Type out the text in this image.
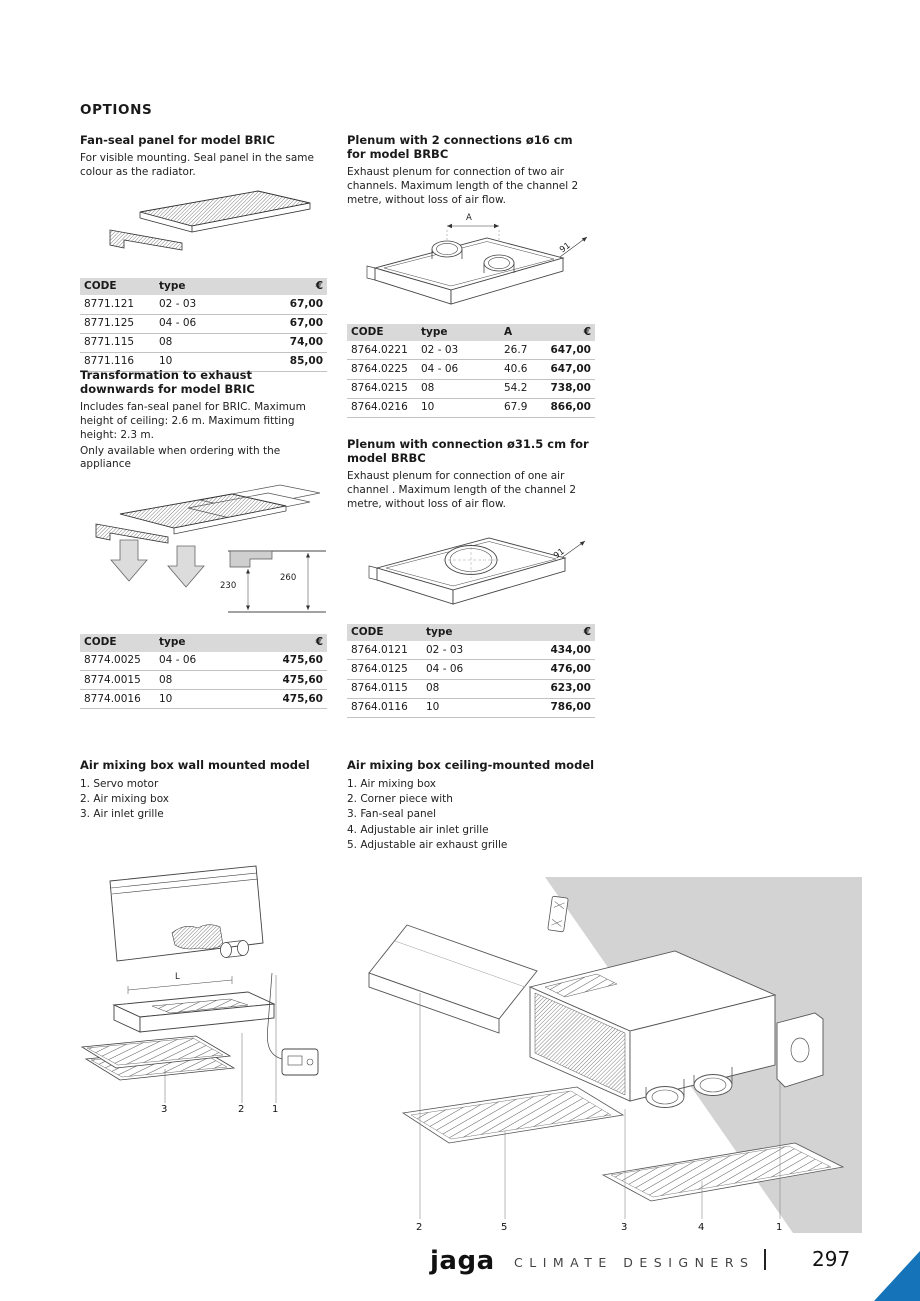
OPTIONS
Fan-seal panel for model BRIC

For visible mounting. Seal panel in the same colour as the radiator.

CODE	type	€
8771.121	02 - 03	67,00
8771.125	04 - 06	67,00
8771.115	08	74,00
8771.116	10	85,00
Transformation to exhaust downwards for model BRIC

Includes fan-seal panel for BRIC. Maximum height of ceiling: 2.6 m. Maximum fitting height: 2.3 m.

Only available when ordering with the appliance

230
260
CODE	type	€
8774.0025	04 - 06	475,60
8774.0015	08	475,60
8774.0016	10	475,60
Air mixing box wall mounted model
1. Servo motor
2. Air mixing box
3. Air inlet grille
L
3	2	1
Plenum with 2 connections ø16 cm for model BRBC

Exhaust plenum for connection of two air channels. Maximum length of the channel 2 metre, without loss of air flow.

A
91
CODE	type	A	€
8764.0221	02 - 03	26.7	647,00
8764.0225	04 - 06	40.6	647,00
8764.0215	08	54.2	738,00
8764.0216	10	67.9	866,00
Plenum with connection ø31.5 cm for model BRBC

Exhaust plenum for connection of one air channel . Maximum length of the channel 2 metre, without loss of air flow.

91
CODE	type	€
8764.0121	02 - 03	434,00
8764.0125	04 - 06	476,00
8764.0115	08	623,00
8764.0116	10	786,00
Air mixing box ceiling-mounted model
1. Air mixing box
2. Corner piece with
3. Fan-seal panel
4. Adjustable air inlet grille
5. Adjustable air exhaust grille
2	5	3	4	1
jaga CLIMATE DESIGNERS	297
